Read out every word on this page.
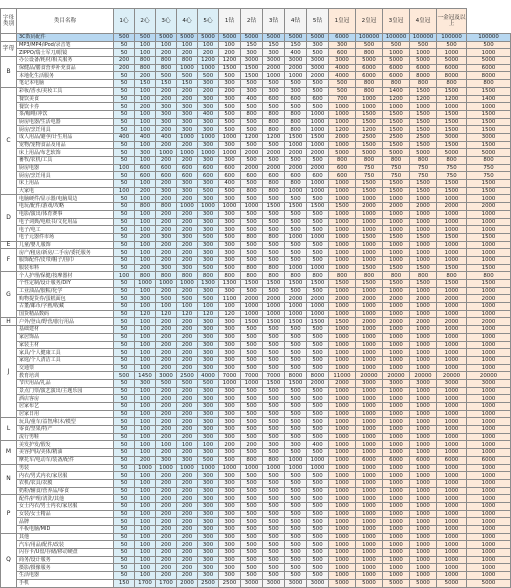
字母类别	类目名称	1心	2心	3心	4心	5心	1钻	2钻	3钻	4钻	5钻	1皇冠	2皇冠	3皇冠	4皇冠	一金冠及以上	
	3C数码配件	500	500	5000	5000	5000	5000	5000	5000	5000	5000	6000	100000	100000	100000	100000	100000
字母	MP3/MP4/iPod/录音笔	50	100	100	100	100	100	150	150	150	300	300	500	500	500	500	500
	ZIPPO/瑞士军刀/眼镜	50	100	200	200	200	200	300	300	400	500	600	800	1000	1000	1000	1000
B	办公设备/耗材/相关服务	200	800	800	800	1200	1200	3000	3000	3000	3000	3000	5000	5000	5000	5000	5000
	保健品/膳食营养补充食品	200	800	800	1000	1000	1500	1500	2000	2000	3000	4000	6000	6000	6000	6000	6000
	本地化生活服务	50	200	500	500	500	500	1500	1000	1000	2000	4000	6000	6000	8000	8000	8000
	笔记本电脑	50	150	150	150	300	300	500	500	500	500	500	800	800	800	800	800
C	彩妆/香水/美妆工具	50	100	200	200	200	200	300	300	300	500	500	800	1400	1500	1500	1500
	餐饮美食	50	100	200	200	300	300	400	600	600	600	700	1000	1200	1200	1200	1400
	餐饮卡券	50	200	300	300	300	500	500	500	500	500	1000	1000	1000	1000	1000	1000
	茶/咖啡/冲饮	50	100	300	300	400	500	800	800	800	1000	1000	1500	1500	1500	1500	1500
	厨房电器/生活电器	50	100	300	300	300	500	500	800	800	1000	1000	1500	1500	1500	1500	1500
	厨房/烹饪用具	50	100	200	300	300	500	500	800	800	1000	1200	1200	1500	1500	1500	1500
	成人用品/避孕/计生用品	400	400	400	1000	1000	1000	1200	1200	1500	1500	2000	2500	2500	2500	3000	3000
	宠物/宠物食品及用品	50	100	200	200	300	300	500	500	1000	1000	1000	1500	1500	1500	1500	1500
	床上用品/布艺软饰	50	300	1000	1000	1000	1000	2000	2000	2000	2000	5000	5000	5000	5000	5000	5000
	畜牧/农机/工具	50	100	200	200	300	300	500	500	500	500	800	800	800	800	800	800
	厨房电器	100	600	600	600	600	600	2000	2000	2000	2000	600	750	750	750	750	750
	厨房/烹饪用具	50	600	600	600	600	600	600	600	600	600	600	750	750	750	750	750
	床上用品	50	100	200	300	300	400	500	800	800	1000	1000	1500	1500	1500	1500	1500
	大家电	100	200	300	300	500	500	800	800	1000	1000	1000	1500	1500	1500	1500	1500
D	电脑硬件/显示器/电脑周边	50	100	200	200	300	300	500	500	500	500	1000	1000	1000	1000	1000	1000
	电玩/配件/游戏/攻略	50	800	800	1000	1000	1000	1000	1500	1500	1500	1500	2000	2000	2000	2000	2000
	电影/演出/体育赛事	50	100	200	200	300	300	500	500	500	500	1000	1000	1000	1000	1000	1000
	电子词典/电纸书/文化用品	50	100	200	200	300	300	500	500	500	500	1000	1000	1000	1000	1000	1000
	电子/电工	50	100	200	200	300	300	500	500	500	500	1000	1000	1000	1000	1000	1000
	电子元器件市场	50	200	300	300	500	500	800	800	1000	1000	1000	1500	1500	1500	1500	1500
E	儿童/婴儿服饰	50	100	200	200	300	300	500	500	500	500	1000	1000	1000	1000	1000	1000
F	房产/租房/新房/二手房/委托服务	50	100	200	200	300	300	500	500	500	500	1000	1000	1000	1000	1000	1000
	服饰配件/皮带/帽子/围巾	50	100	200	200	300	300	500	500	500	500	1000	1000	1000	1000	1000	1000
	服装布料	50	200	300	300	500	500	800	800	1000	1000	1000	1500	1500	1500	1500	1500
G	个人护理/保健/按摩器材	100	800	800	800	800	800	800	800	800	800	800	800	800	800	800	800
	个性定制/设计服务/DIY	50	1000	1000	1000	1300	1300	1500	1500	1500	1500	1500	1500	1500	1500	1500	1500
	工业油品/胶粘/化学	50	100	200	200	300	300	500	500	500	500	1000	1000	1000	1000	1000	1000
	购物提货券/蛋糕面包	50	300	500	500	500	1100	2000	2000	2000	2000	2000	2000	2000	2000	2000	2000
	古董/邮币/字画/收藏	50	100	100	100	100	100	1000	1000	1000	1000	1000	1000	1000	1000	1000	1000
	国货精品数码	50	120	120	120	120	120	1000	1000	1000	1000	1000	1000	1000	1000	1000	1000
H	户外/登山/野营/旅行用品	50	100	200	200	300	300	1500	1500	1500	1500	1500	2000	2000	2000	2000	2000
J	基础建材	50	100	200	200	300	300	500	500	500	500	1000	1000	1000	1000	1000	1000
	家居饰品	50	100	200	200	300	300	500	500	500	500	1000	1000	1000	1000	1000	1000
	家装主材	50	100	200	200	300	300	500	500	500	500	1000	1000	1000	1000	1000	1000
	家具/个人健康工具	50	100	200	200	300	300	500	500	500	500	1000	1000	1000	1000	1000	1000
	家庭/个人清洁工具	50	100	200	200	300	300	500	500	500	500	1000	1000	1000	1000	1000	1000
	交通票	50	100	200	200	300	300	500	500	500	500	1000	1000	1000	1000	1000	1000
	教育培训	500	1450	3000	2500	4000	7000	7000	7000	8000	8000	11000	20000	20000	20000	20000	20000
	节庆用品/礼品	50	300	500	500	500	1000	1000	1500	1500	2000	2000	3000	3000	3000	3000	3000
	景点门票/演艺演出/主题乐园	50	100	200	200	300	300	500	500	500	500	1000	1000	1000	1000	1000	1000
	酒店客房	50	100	200	200	300	300	500	500	500	500	1000	1000	1000	1000	1000	1000
	居家布艺	50	100	200	200	300	300	500	500	500	500	1000	1000	1000	1000	1000	1000
	居家日用	50	100	200	200	300	300	500	500	500	500	1000	1000	1000	1000	1000	1000
L	玩具/童车/益智/积木/模型	50	100	200	200	300	300	500	500	500	500	1000	1000	1000	1000	1000	1000
	零食/坚果/特产	50	100	200	200	300	300	500	500	500	500	1000	1000	1000	1000	1000	1000
	流行男鞋	50	100	200	200	300	300	500	500	500	500	1000	1000	1000	1000	1000	1000
M	美发护发/假发	50	100	100	100	100	200	200	300	300	400	1000	1000	1000	1000	1000	1000
	美容护肤/美体/精油	50	100	200	200	300	300	500	500	500	500	1000	1000	1000	1000	1000	1000
	摩托车/电动车/装备/配件	50	200	300	300	500	500	800	800	1000	1000	1000	6000	6000	6000	6000	6000
N	男装	50	1000	1000	1000	1000	1000	1000	1000	1000	1000	1000	1000	1000	1000	1000	1000
	内衣/男式内衣/家居服	50	100	200	200	300	300	500	500	500	500	1000	1000	1000	1000	1000	1000
	农机/农具/农膜	50	100	200	200	300	300	500	500	500	500	1000	1000	1000	1000	1000	1000
	奶粉/辅食/营养品/零食	50	100	200	200	300	300	500	500	500	500	1000	1000	1000	1000	1000	1000
P	配件/护理/清洗/其他	50	100	200	200	300	300	500	500	500	500	1000	1000	1000	1000	1000	1000
	女士内衣/男士内衣/家居服	50	100	200	200	300	300	500	500	500	500	1000	1000	1000	1000	1000	1000
	女装/女士精品	50	100	200	200	300	300	500	500	500	500	1000	1000	1000	1000	1000	1000
	品牌	50	100	200	200	300	300	500	500	500	500	1000	1000	1000	1000	1000	1000
	平板电脑/MID	50	100	200	200	300	300	500	500	500	500	1000	1000	1000	1000	1000	1000
Q	其他	50	100	200	200	300	300	500	500	500	500	1000	1000	1000	1000	1000	1000
	汽车/用品/配件/改装	50	100	200	200	300	300	500	500	500	500	1000	1000	1000	1000	1000	1000
	闪存卡/U盘/存储/移动硬盘	50	100	200	200	300	300	500	500	500	500	1000	1000	1000	1000	1000	1000
	商务/设计服务	50	100	200	200	300	300	500	500	500	500	1000	1000	1000	1000	1000	1000
	摄影/摄像服务	50	100	200	200	300	300	500	500	500	500	1000	1000	1000	1000	1000	1000
	生活电器	50	100	200	200	300	300	500	500	500	500	1000	1000	1000	1000	1000	1000
	手机	150	1700	1700	2000	2500	2500	3000	3000	3000	3000	5000	5000	5000	5000	5000	5000
